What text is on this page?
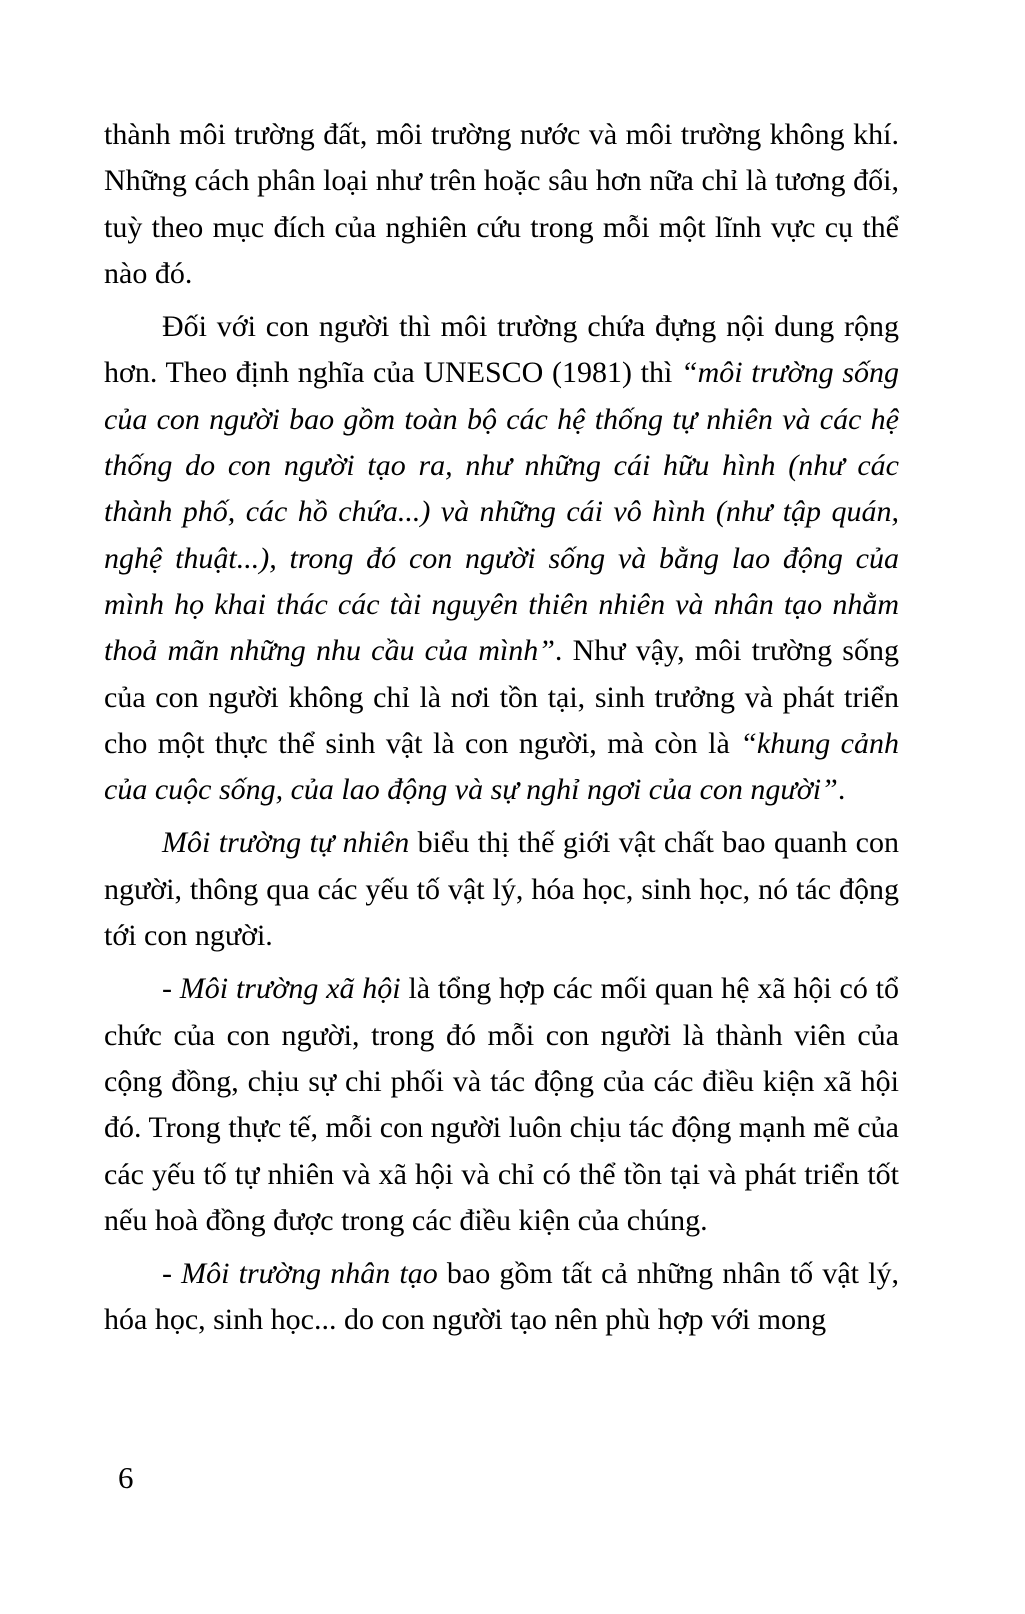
thành môi trường đất, môi trường nước và môi trường không khí. Những cách phân loại như trên hoặc sâu hơn nữa chỉ là tương đối, tuỳ theo mục đích của nghiên cứu trong mỗi một lĩnh vực cụ thể nào đó.

Đối với con người thì môi trường chứa đựng nội dung rộng hơn. Theo định nghĩa của UNESCO (1981) thì “môi trường sống của con người bao gồm toàn bộ các hệ thống tự nhiên và các hệ thống do con người tạo ra, như những cái hữu hình (như các thành phố, các hồ chứa...) và những cái vô hình (như tập quán, nghệ thuật...), trong đó con người sống và bằng lao động của mình họ khai thác các tài nguyên thiên nhiên và nhân tạo nhằm thoả mãn những nhu cầu của mình”. Như vậy, môi trường sống của con người không chỉ là nơi tồn tại, sinh trưởng và phát triển cho một thực thể sinh vật là con người, mà còn là “khung cảnh của cuộc sống, của lao động và sự nghỉ ngơi của con người”.

Môi trường tự nhiên biểu thị thế giới vật chất bao quanh con người, thông qua các yếu tố vật lý, hóa học, sinh học, nó tác động tới con người.

- Môi trường xã hội là tổng hợp các mối quan hệ xã hội có tổ chức của con người, trong đó mỗi con người là thành viên của cộng đồng, chịu sự chi phối và tác động của các điều kiện xã hội đó. Trong thực tế, mỗi con người luôn chịu tác động mạnh mẽ của các yếu tố tự nhiên và xã hội và chỉ có thể tồn tại và phát triển tốt nếu hoà đồng được trong các điều kiện của chúng.

- Môi trường nhân tạo bao gồm tất cả những nhân tố vật lý, hóa học, sinh học... do con người tạo nên phù hợp với mong

6
